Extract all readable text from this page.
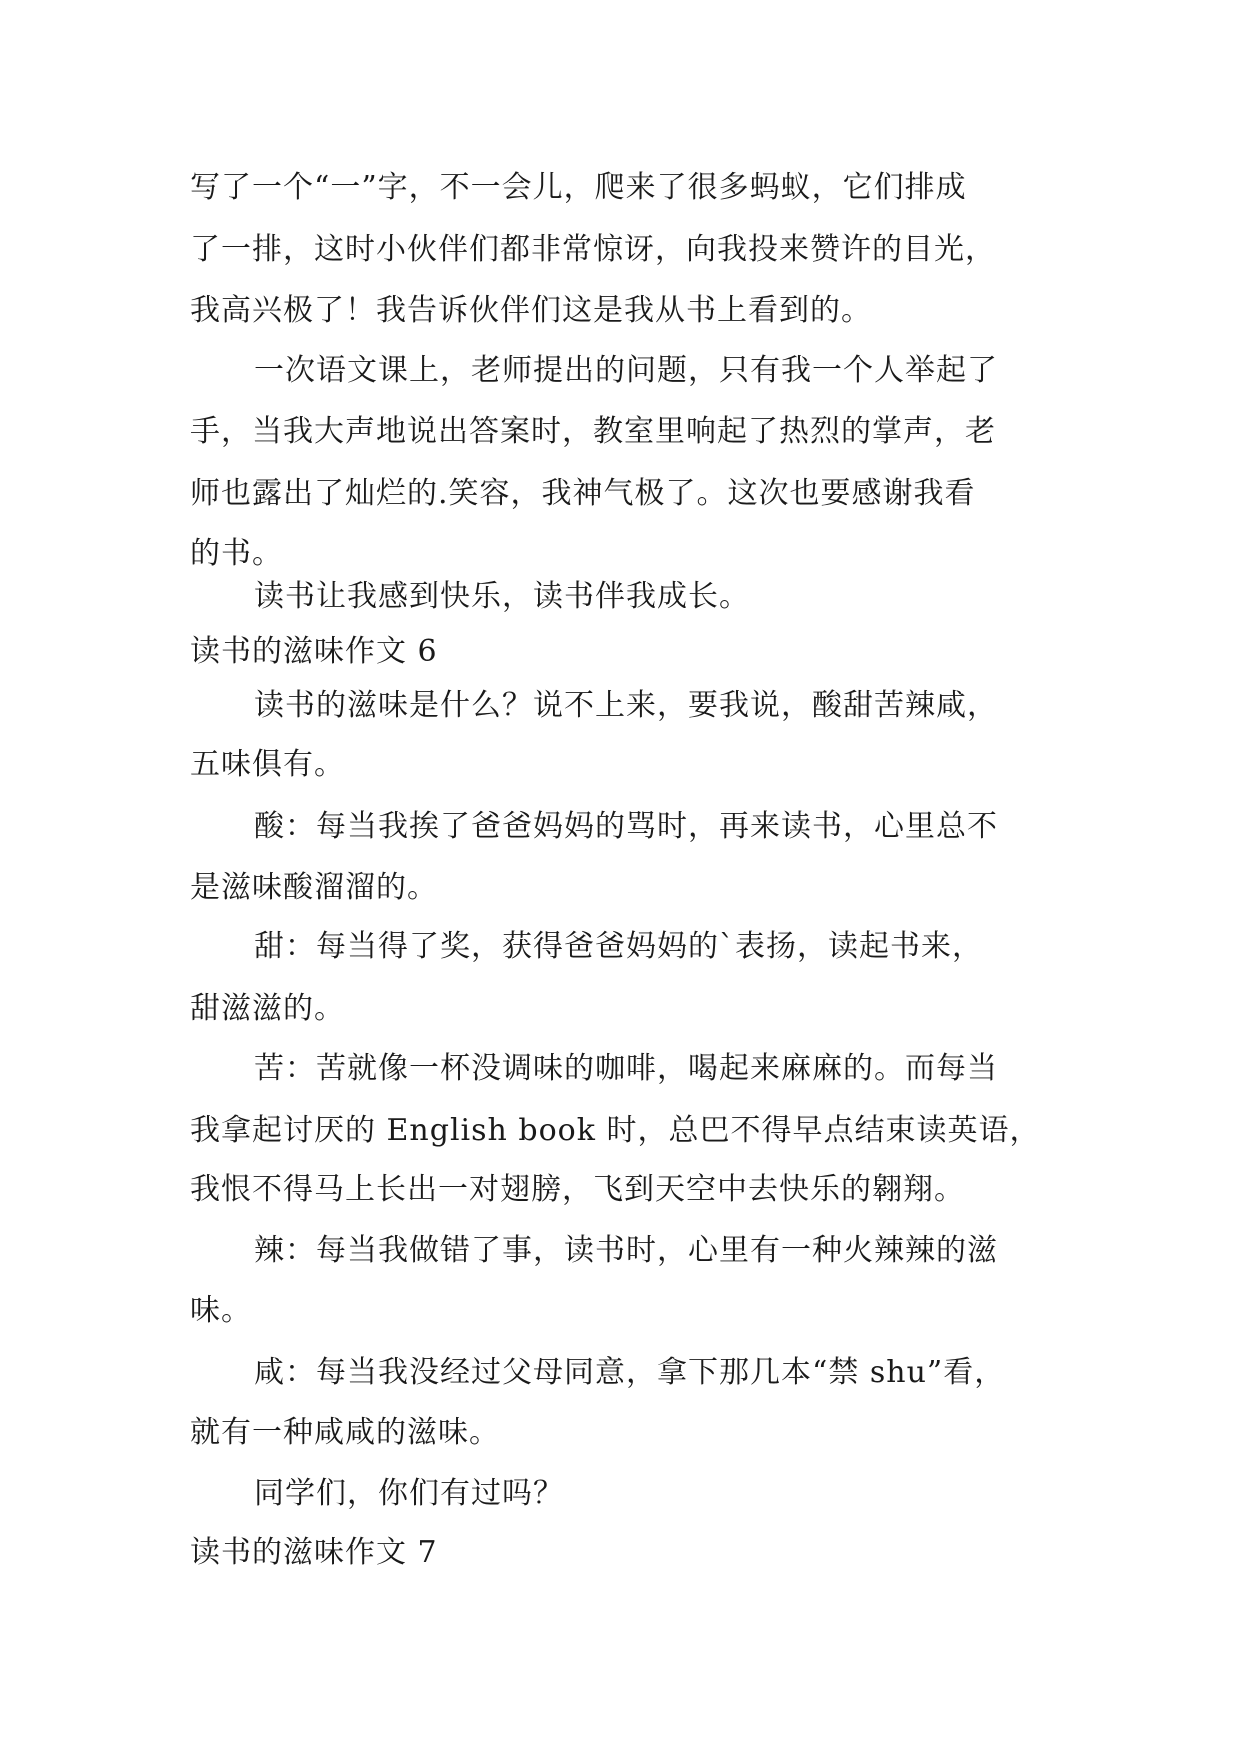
写了一个“一”字，不一会儿，爬来了很多蚂蚁，它们排成
了一排，这时小伙伴们都非常惊讶，向我投来赞许的目光，
我高兴极了！我告诉伙伴们这是我从书上看到的。
一次语文课上，老师提出的问题，只有我一个人举起了
手，当我大声地说出答案时，教室里响起了热烈的掌声，老
师也露出了灿烂的.笑容，我神气极了。这次也要感谢我看
的书。
读书让我感到快乐，读书伴我成长。
读书的滋味作文 6
读书的滋味是什么？说不上来，要我说，酸甜苦辣咸，
五味俱有。
酸：每当我挨了爸爸妈妈的骂时，再来读书，心里总不
是滋味酸溜溜的。
甜：每当得了奖，获得爸爸妈妈的`表扬，读起书来，
甜滋滋的。
苦：苦就像一杯没调味的咖啡，喝起来麻麻的。而每当
我拿起讨厌的 English book 时，总巴不得早点结束读英语，
我恨不得马上长出一对翅膀，飞到天空中去快乐的翱翔。
辣：每当我做错了事，读书时，心里有一种火辣辣的滋
味。
咸：每当我没经过父母同意，拿下那几本“禁 shu”看，
就有一种咸咸的滋味。
同学们，你们有过吗？
读书的滋味作文 7
